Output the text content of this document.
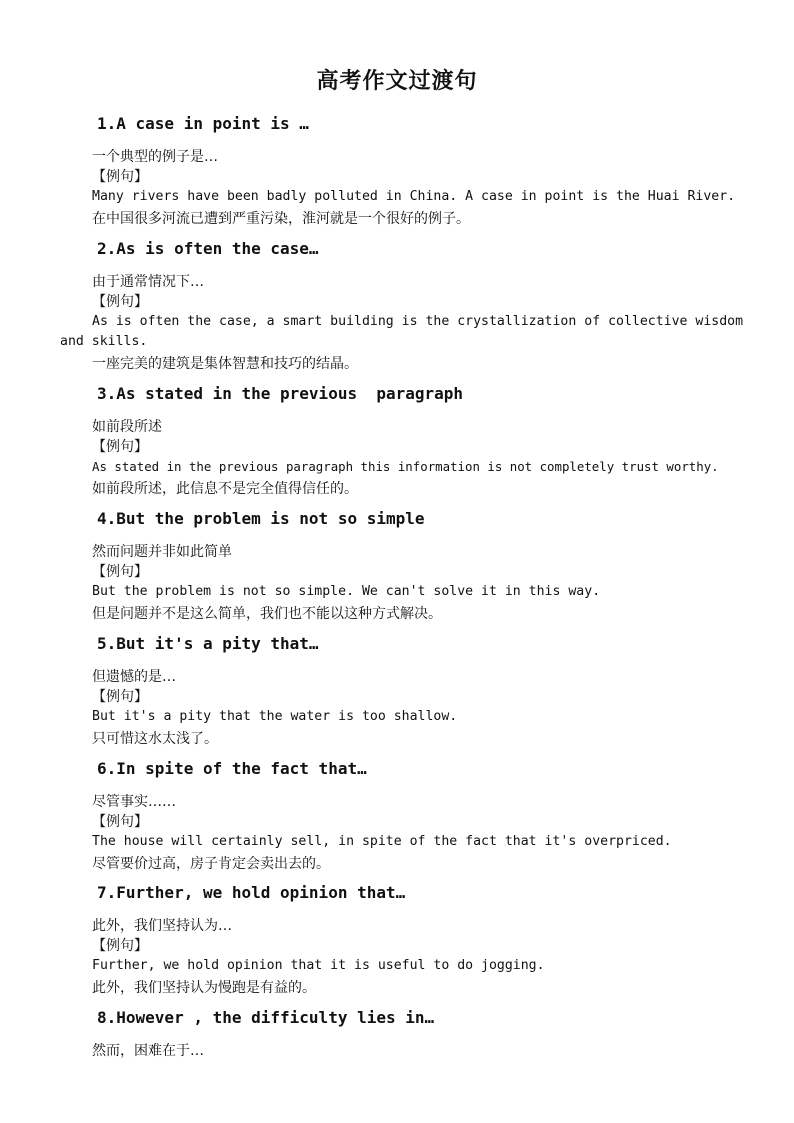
高考作文过渡句
1.A case in point is …
一个典型的例子是…
【例句】
Many rivers have been badly polluted in China. A case in point is the Huai River.
在中国很多河流已遭到严重污染，淮河就是一个很好的例子。
2.As is often the case…
由于通常情况下…
【例句】
As is often the case, a smart building is the crystallization of collective wisdom
and skills.
一座完美的建筑是集体智慧和技巧的结晶。
3.As stated in the previous  paragraph
如前段所述
【例句】
As stated in the previous paragraph this information is not completely trust worthy.
如前段所述，此信息不是完全值得信任的。
4.But the problem is not so simple
然而问题并非如此简单
【例句】
But the problem is not so simple. We can't solve it in this way.
但是问题并不是这么简单，我们也不能以这种方式解决。
5.But it's a pity that…
但遗憾的是…
【例句】
But it's a pity that the water is too shallow.
只可惜这水太浅了。
6.In spite of the fact that…
尽管事实……
【例句】
The house will certainly sell, in spite of the fact that it's overpriced.
尽管要价过高，房子肯定会卖出去的。
7.Further, we hold opinion that…
此外，我们坚持认为…
【例句】
Further, we hold opinion that it is useful to do jogging.
此外，我们坚持认为慢跑是有益的。
8.However , the difficulty lies in…
然而，困难在于…
